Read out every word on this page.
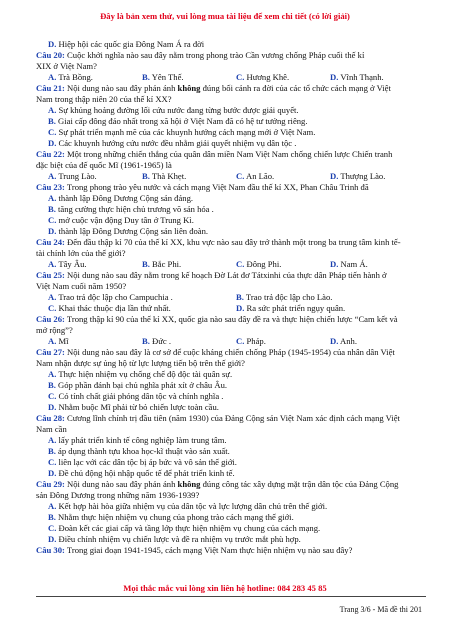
Đây là bản xem thử, vui lòng mua tài liệu để xem chi tiết (có lời giải)
D. Hiệp hội các quốc gia Đông Nam Á ra đời
Câu 20: Cuộc khởi nghĩa nào sau đây nằm trong phong trào Cần vương chống Pháp cuối thế kỉ
XIX ở Việt Nam?
A. Trà Bồng.	B. Yên Thế.	C. Hương Khê.	D. Vĩnh Thạnh.
Câu 21: Nội dung nào sau đây phản ánh không đúng bối cảnh ra đời của các tổ chức cách mạng ở Việt
Nam trong thập niên 20 của thế kỉ XX?
A. Sự khủng hoảng đường lối cứu nước đang từng bước được giải quyết.
B. Giai cấp đông đảo nhất trong xã hội ở Việt Nam đã có hệ tư tưởng riêng.
C. Sự phát triển mạnh mẽ của các khuynh hướng cách mạng mới ở Việt Nam.
D. Các khuynh hướng cứu nước đều nhằm giải quyết nhiệm vụ dân tộc .
Câu 22: Một trong những chiến thắng của quân dân miền Nam Việt Nam chống chiến lược Chiến tranh
đặc biệt của đế quốc Mĩ (1961-1965) là
A. Trung Lào.	B. Thà Khẹt.	C. An Lão.	D. Thượng Lào.
Câu 23: Trong phong trào yêu nước và cách mạng Việt Nam đầu thế kỉ XX, Phan Châu Trinh đã
A. thành lập Đông Dương Cộng sản đảng.
B. tăng cường thực hiện chủ trương võ sản hóa .
C. mở cuộc vận động Duy tân ở Trung Kì.
D. thành lập Đông Dương Cộng sản liên đoàn.
Câu 24: Đến đầu thập kỉ 70 của thế kỉ XX, khu vực nào sau đây trở thành một trong ba trung tâm kinh tế-
tài chính lớn của thế giới?
A. Tây Âu.	B. Bắc Phi.	C. Đông Phi.	D. Nam Á.
Câu 25: Nội dung nào sau đây nằm trong kế hoạch Đờ Lát đơ Tátxinhi của thực dân Pháp tiến hành ở
Việt Nam cuối năm 1950?
A. Trao trả độc lập cho Campuchia .	B. Trao trả độc lập cho Lào.
C. Khai thác thuộc địa lần thứ nhất.	D. Ra sức phát triển ngụy quân.
Câu 26: Trong thập kỉ 90 của thế kỉ XX, quốc gia nào sau đây đề ra và thực hiện chiến lược “Cam kết và
mở rộng”?
A. Mĩ	B. Đức .	C. Pháp.	D. Anh.
Câu 27: Nội dung nào sau đây là cơ sở để cuộc kháng chiến chống Pháp (1945-1954) của nhân dân Việt
Nam nhận được sự ủng hộ từ lực lượng tiến bộ trên thế giới?
A. Thực hiện nhiệm vụ chống chế độ độc tài quân sự.
B. Góp phần đánh bại chủ nghĩa phát xít ở châu Âu.
C. Có tính chất giải phóng dân tộc và chính nghĩa .
D. Nhằm buộc Mĩ phải từ bỏ chiến lược toàn cầu.
Câu 28: Cương lĩnh chính trị đầu tiên (năm 1930) của Đảng Cộng sản Việt Nam xác định cách mạng Việt
Nam cần
A. lấy phát triển kinh tế công nghiệp làm trung tâm.
B. áp dụng thành tựu khoa học-kĩ thuật vào sản xuất.
C. liên lạc với các dân tộc bị áp bức và vô sản thế giới.
D. Đề chủ động hội nhập quốc tế để phát triển kinh tế.
Câu 29: Nội dung nào sau đây phản ánh không đúng công tác xây dựng mặt trận dân tộc của Đảng Cộng
sản Đông Dương trong những năm 1936-1939?
A. Kết hợp hài hòa giữa nhiệm vụ của dân tộc và lực lượng dân chủ trên thế giới.
B. Nhằm thực hiện nhiệm vụ chung của phong trào cách mạng thế giới.
C. Đoàn kết các giai cấp và tầng lớp thực hiện nhiệm vụ chung của cách mạng.
D. Điều chỉnh nhiệm vụ chiến lược và đề ra nhiệm vụ trước mắt phù hợp.
Câu 30: Trong giai đoạn 1941-1945, cách mạng Việt Nam thực hiện nhiệm vụ nào sau đây?
Mọi thắc mắc vui lòng xin liên hệ hotline: 084 283 45 85
Trang 3/6 - Mã đề thi 201
